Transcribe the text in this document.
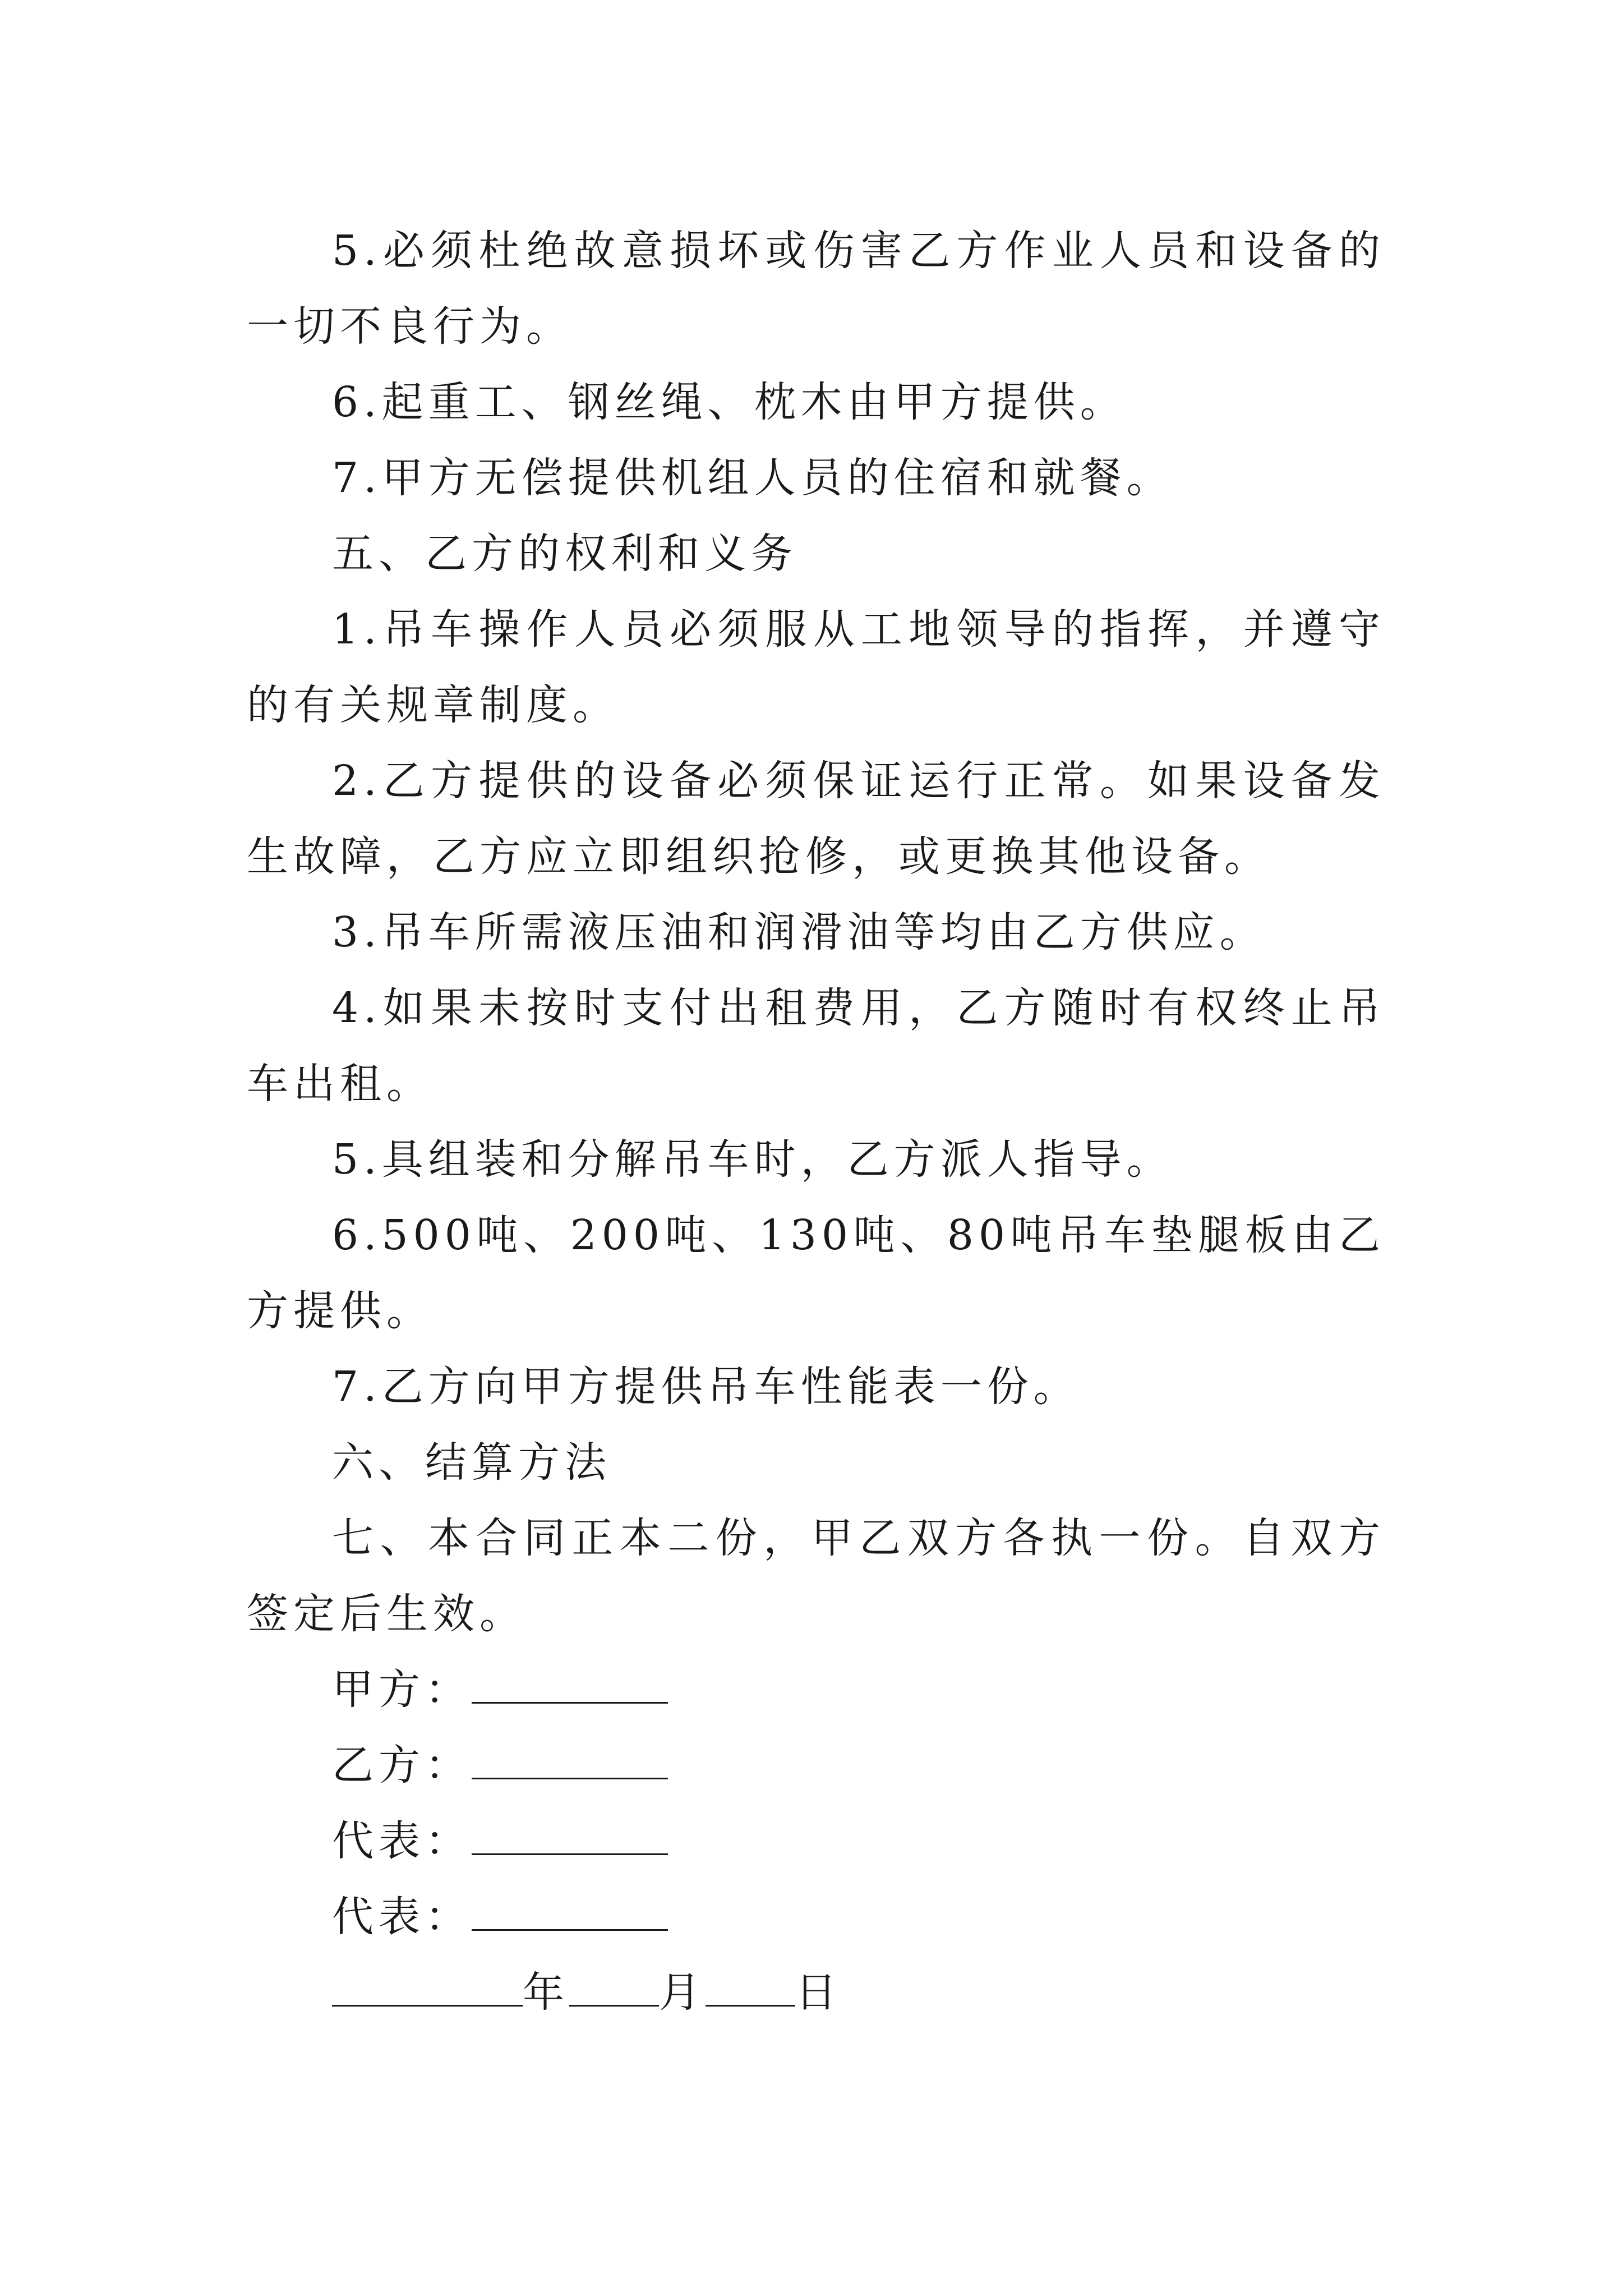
5.必须杜绝故意损坏或伤害乙方作业人员和设备的一切不良行为。

6.起重工、钢丝绳、枕木由甲方提供。

7.甲方无偿提供机组人员的住宿和就餐。

五、乙方的权利和义务

1.吊车操作人员必须服从工地领导的指挥，并遵守的有关规章制度。

2.乙方提供的设备必须保证运行正常。如果设备发生故障，乙方应立即组织抢修，或更换其他设备。

3.吊车所需液压油和润滑油等均由乙方供应。

4.如果未按时支付出租费用，乙方随时有权终止吊车出租。

5.具组装和分解吊车时，乙方派人指导。

6.500吨、200吨、130吨、80吨吊车垫腿板由乙方提供。

7.乙方向甲方提供吊车性能表一份。

六、结算方法

七、本合同正本二份，甲乙双方各执一份。自双方签定后生效。

甲方：

乙方：

代表：

代表：

年 月 日
